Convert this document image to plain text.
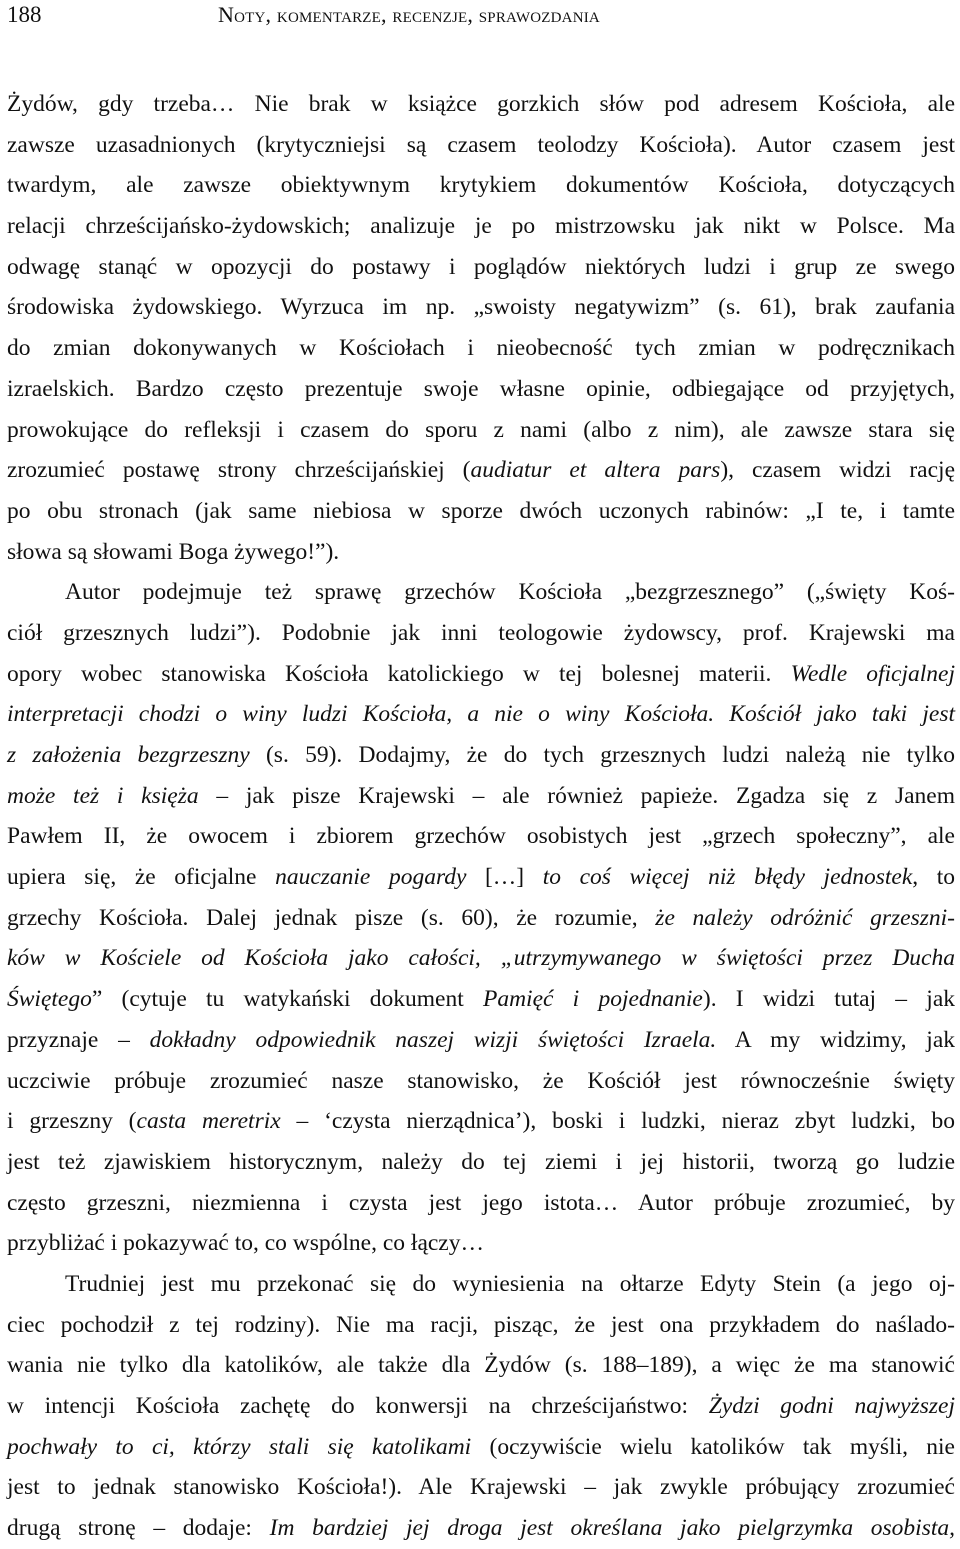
188	Noty, komentarze, recenzje, sprawozdania
Żydów, gdy trzeba… Nie brak w książce gorzkich słów pod adresem Kościoła, ale
zawsze uzasadnionych (krytyczniejsi są czasem teolodzy Kościoła). Autor czasem jest
twardym, ale zawsze obiektywnym krytykiem dokumentów Kościoła, dotyczących
relacji chrześcijańsko-żydowskich; analizuje je po mistrzowsku jak nikt w Polsce. Ma
odwagę stanąć w opozycji do postawy i poglądów niektórych ludzi i grup ze swego
środowiska żydowskiego. Wyrzuca im np. „swoisty negatywizm” (s. 61), brak zaufania
do zmian dokonywanych w Kościołach i nieobecność tych zmian w podręcznikach
izraelskich. Bardzo często prezentuje swoje własne opinie, odbiegające od przyjętych,
prowokujące do refleksji i czasem do sporu z nami (albo z nim), ale zawsze stara się
zrozumieć postawę strony chrześcijańskiej (audiatur et altera pars), czasem widzi rację
po obu stronach (jak same niebiosa w sporze dwóch uczonych rabinów: „I te, i tamte
słowa są słowami Boga żywego!”).
Autor podejmuje też sprawę grzechów Kościoła „bezgrzesznego” („święty Koś-
ciół grzesznych ludzi”). Podobnie jak inni teologowie żydowscy, prof. Krajewski ma
opory wobec stanowiska Kościoła katolickiego w tej bolesnej materii. Wedle oficjalnej
interpretacji chodzi o winy ludzi Kościoła, a nie o winy Kościoła. Kościół jako taki jest
z założenia bezgrzeszny (s. 59). Dodajmy, że do tych grzesznych ludzi należą nie tylko
może też i księża – jak pisze Krajewski – ale również papieże. Zgadza się z Janem
Pawłem II, że owocem i zbiorem grzechów osobistych jest „grzech społeczny”, ale
upiera się, że oficjalne nauczanie pogardy […] to coś więcej niż błędy jednostek, to
grzechy Kościoła. Dalej jednak pisze (s. 60), że rozumie, że należy odróżnić grzeszni-
ków w Kościele od Kościoła jako całości, „utrzymywanego w świętości przez Ducha
Świętego” (cytuje tu watykański dokument Pamięć i pojednanie). I widzi tutaj – jak
przyznaje – dokładny odpowiednik naszej wizji świętości Izraela. A my widzimy, jak
uczciwie próbuje zrozumieć nasze stanowisko, że Kościół jest równocześnie święty
i grzeszny (casta meretrix – ‘czysta nierządnica’), boski i ludzki, nieraz zbyt ludzki, bo
jest też zjawiskiem historycznym, należy do tej ziemi i jej historii, tworzą go ludzie
często grzeszni, niezmienna i czysta jest jego istota… Autor próbuje zrozumieć, by
przybliżać i pokazywać to, co wspólne, co łączy…
Trudniej jest mu przekonać się do wyniesienia na ołtarze Edyty Stein (a jego oj-
ciec pochodził z tej rodziny). Nie ma racji, pisząc, że jest ona przykładem do naślado-
wania nie tylko dla katolików, ale także dla Żydów (s. 188–189), a więc że ma stanowić
w intencji Kościoła zachętę do konwersji na chrześcijaństwo: Żydzi godni najwyższej
pochwały to ci, którzy stali się katolikami (oczywiście wielu katolików tak myśli, nie
jest to jednak stanowisko Kościoła!). Ale Krajewski – jak zwykle próbujący zrozumieć
drugą stronę – dodaje: Im bardziej jej droga jest określana jako pielgrzymka osobista,
